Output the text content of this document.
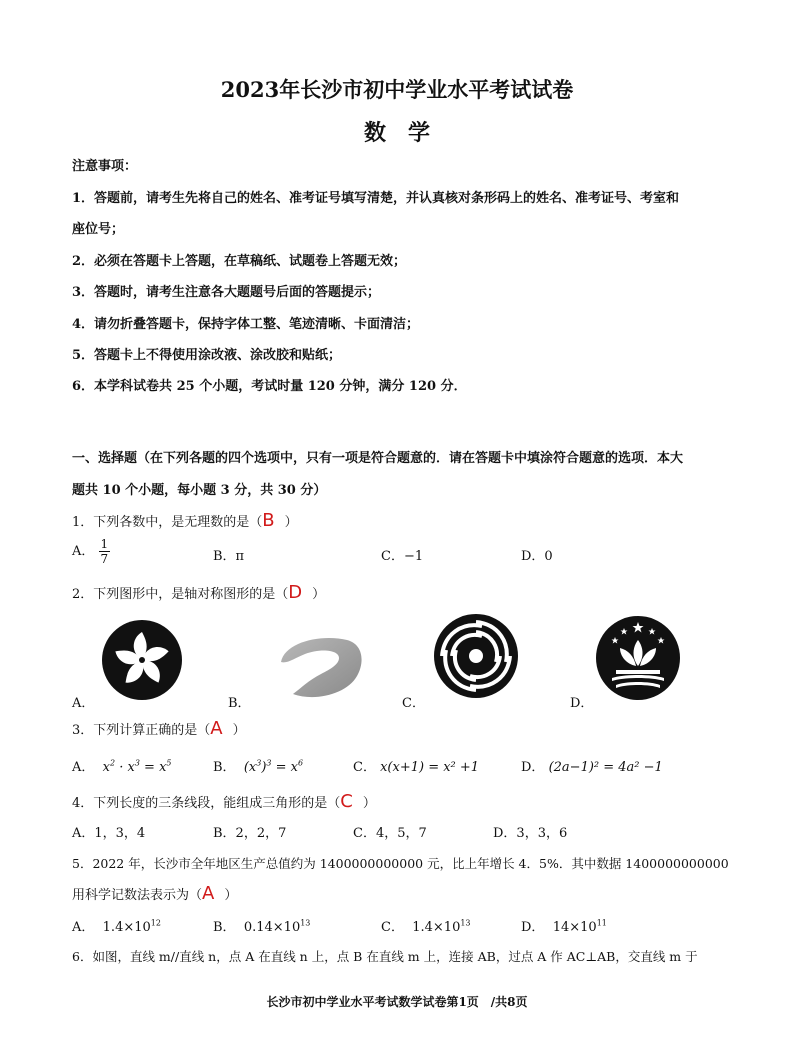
2023年长沙市初中学业水平考试试卷
数　学
注意事项：
1．答题前，请考生先将自己的姓名、准考证号填写清楚，并认真核对条形码上的姓名、准考证号、考室和
座位号；
2．必须在答题卡上答题，在草稿纸、试题卷上答题无效；
3．答题时，请考生注意各大题题号后面的答题提示；
4．请勿折叠答题卡，保持字体工整、笔迹清晰、卡面清洁；
5．答题卡上不得使用涂改液、涂改胶和贴纸；
6．本学科试卷共 25 个小题，考试时量 120 分钟，满分 120 分．
一、选择题（在下列各题的四个选项中，只有一项是符合题意的．请在答题卡中填涂符合题意的选项．本大
题共 10 个小题，每小题 3 分，共 30 分）
1．下列各数中，是无理数的是（B ）
A． $\frac{1}{7}$	B．π	C．−1	D．0
2．下列图形中，是轴对称图形的是（D ）
A．	B．	C．	D．
3．下列计算正确的是（A ）
A．  $x^2 \cdot x^3 = x^5$	B．  $(x^3)^3 = x^6$	C． x(x+1) = x² +1	D． (2a−1)² = 4a² −1
4．下列长度的三条线段，能组成三角形的是（C ）
A．1，3，4	B．2，2，7	C．4，5，7	D．3，3，6
5．2022 年，长沙市全年地区生产总值约为 1400000000000 元，比上年增长 4．5%．其中数据 1400000000000
用科学记数法表示为（A ）
A．  $1.4\times 10^{12}$	B．  $0.14\times 10^{13}$	C．  $1.4\times 10^{13}$	D．  $14\times 10^{11}$
6．如图，直线 m//直线 n，点 A 在直线 n 上，点 B 在直线 m 上，连接 AB，过点 A 作 AC⊥AB，交直线 m 于
长沙市初中学业水平考试数学试卷第1页　/共8页
